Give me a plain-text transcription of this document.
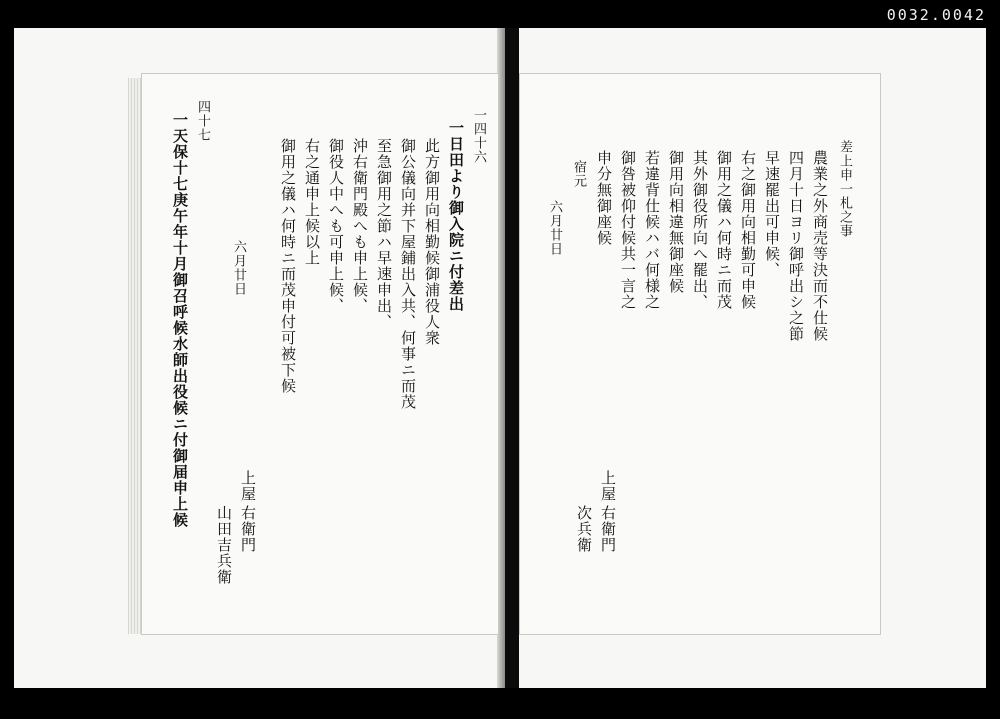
0032.0042
差上申一札之事
農業之外商売等決而不仕候
四月十日ヨリ御呼出シ之節
早速罷出可申候、
右之御用向相勤可申候
御用之儀ハ何時ニ而茂
其外御役所向へ罷出、
御用向相違無御座候
若違背仕候ハバ何様之
御咎被仰付候共一言之
申分無御座候
宿元
六月廿日
上屋
右衛門
次兵衛
一四十六
一日田より御入院ニ付差出
此方御用向相勤候御浦役人衆
御公儀向并下屋鋪出入共、何事ニ而茂
至急御用之節ハ早速申出、
沖右衛門殿へも申上候、
御役人中へも可申上候、
右之通申上候以上
御用之儀ハ何時ニ而茂申付可被下候
六月廿日
上屋
右衛門
山田吉兵衛
四十七
一天保十七庚午年十月御召呼候水師出役候ニ付御届申上候
